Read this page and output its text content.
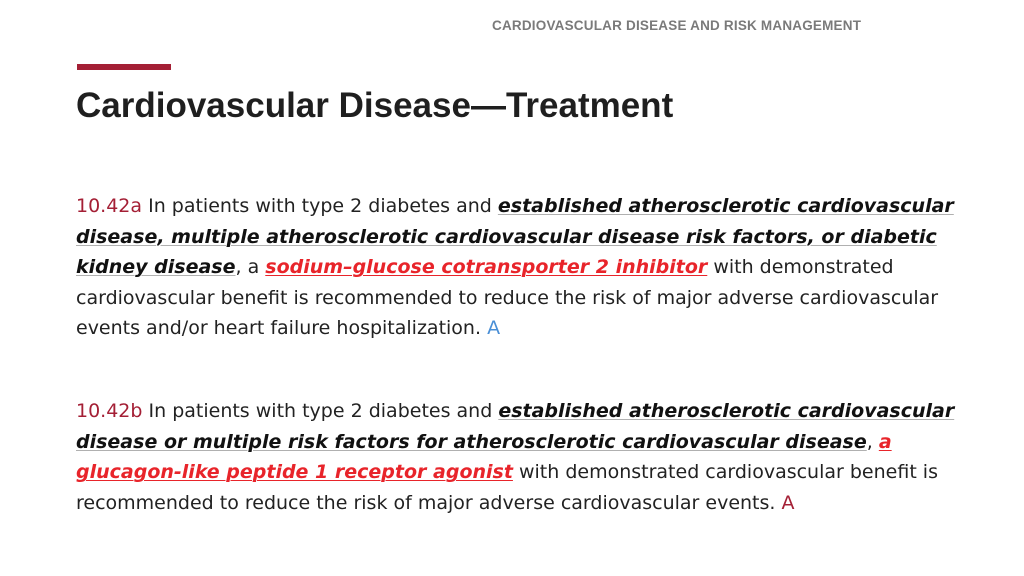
CARDIOVASCULAR DISEASE AND RISK MANAGEMENT
Cardiovascular Disease—Treatment

10.42a In patients with type 2 diabetes and established atherosclerotic cardiovascular disease, multiple atherosclerotic cardiovascular disease risk factors, or diabetic kidney disease, a sodium–glucose cotransporter 2 inhibitor with demonstrated cardiovascular benefit is recommended to reduce the risk of major adverse cardiovascular events and/or heart failure hospitalization. A

10.42b In patients with type 2 diabetes and established atherosclerotic cardiovascular disease or multiple risk factors for atherosclerotic cardiovascular disease, a glucagon-like peptide 1 receptor agonist with demonstrated cardiovascular benefit is recommended to reduce the risk of major adverse cardiovascular events. A
